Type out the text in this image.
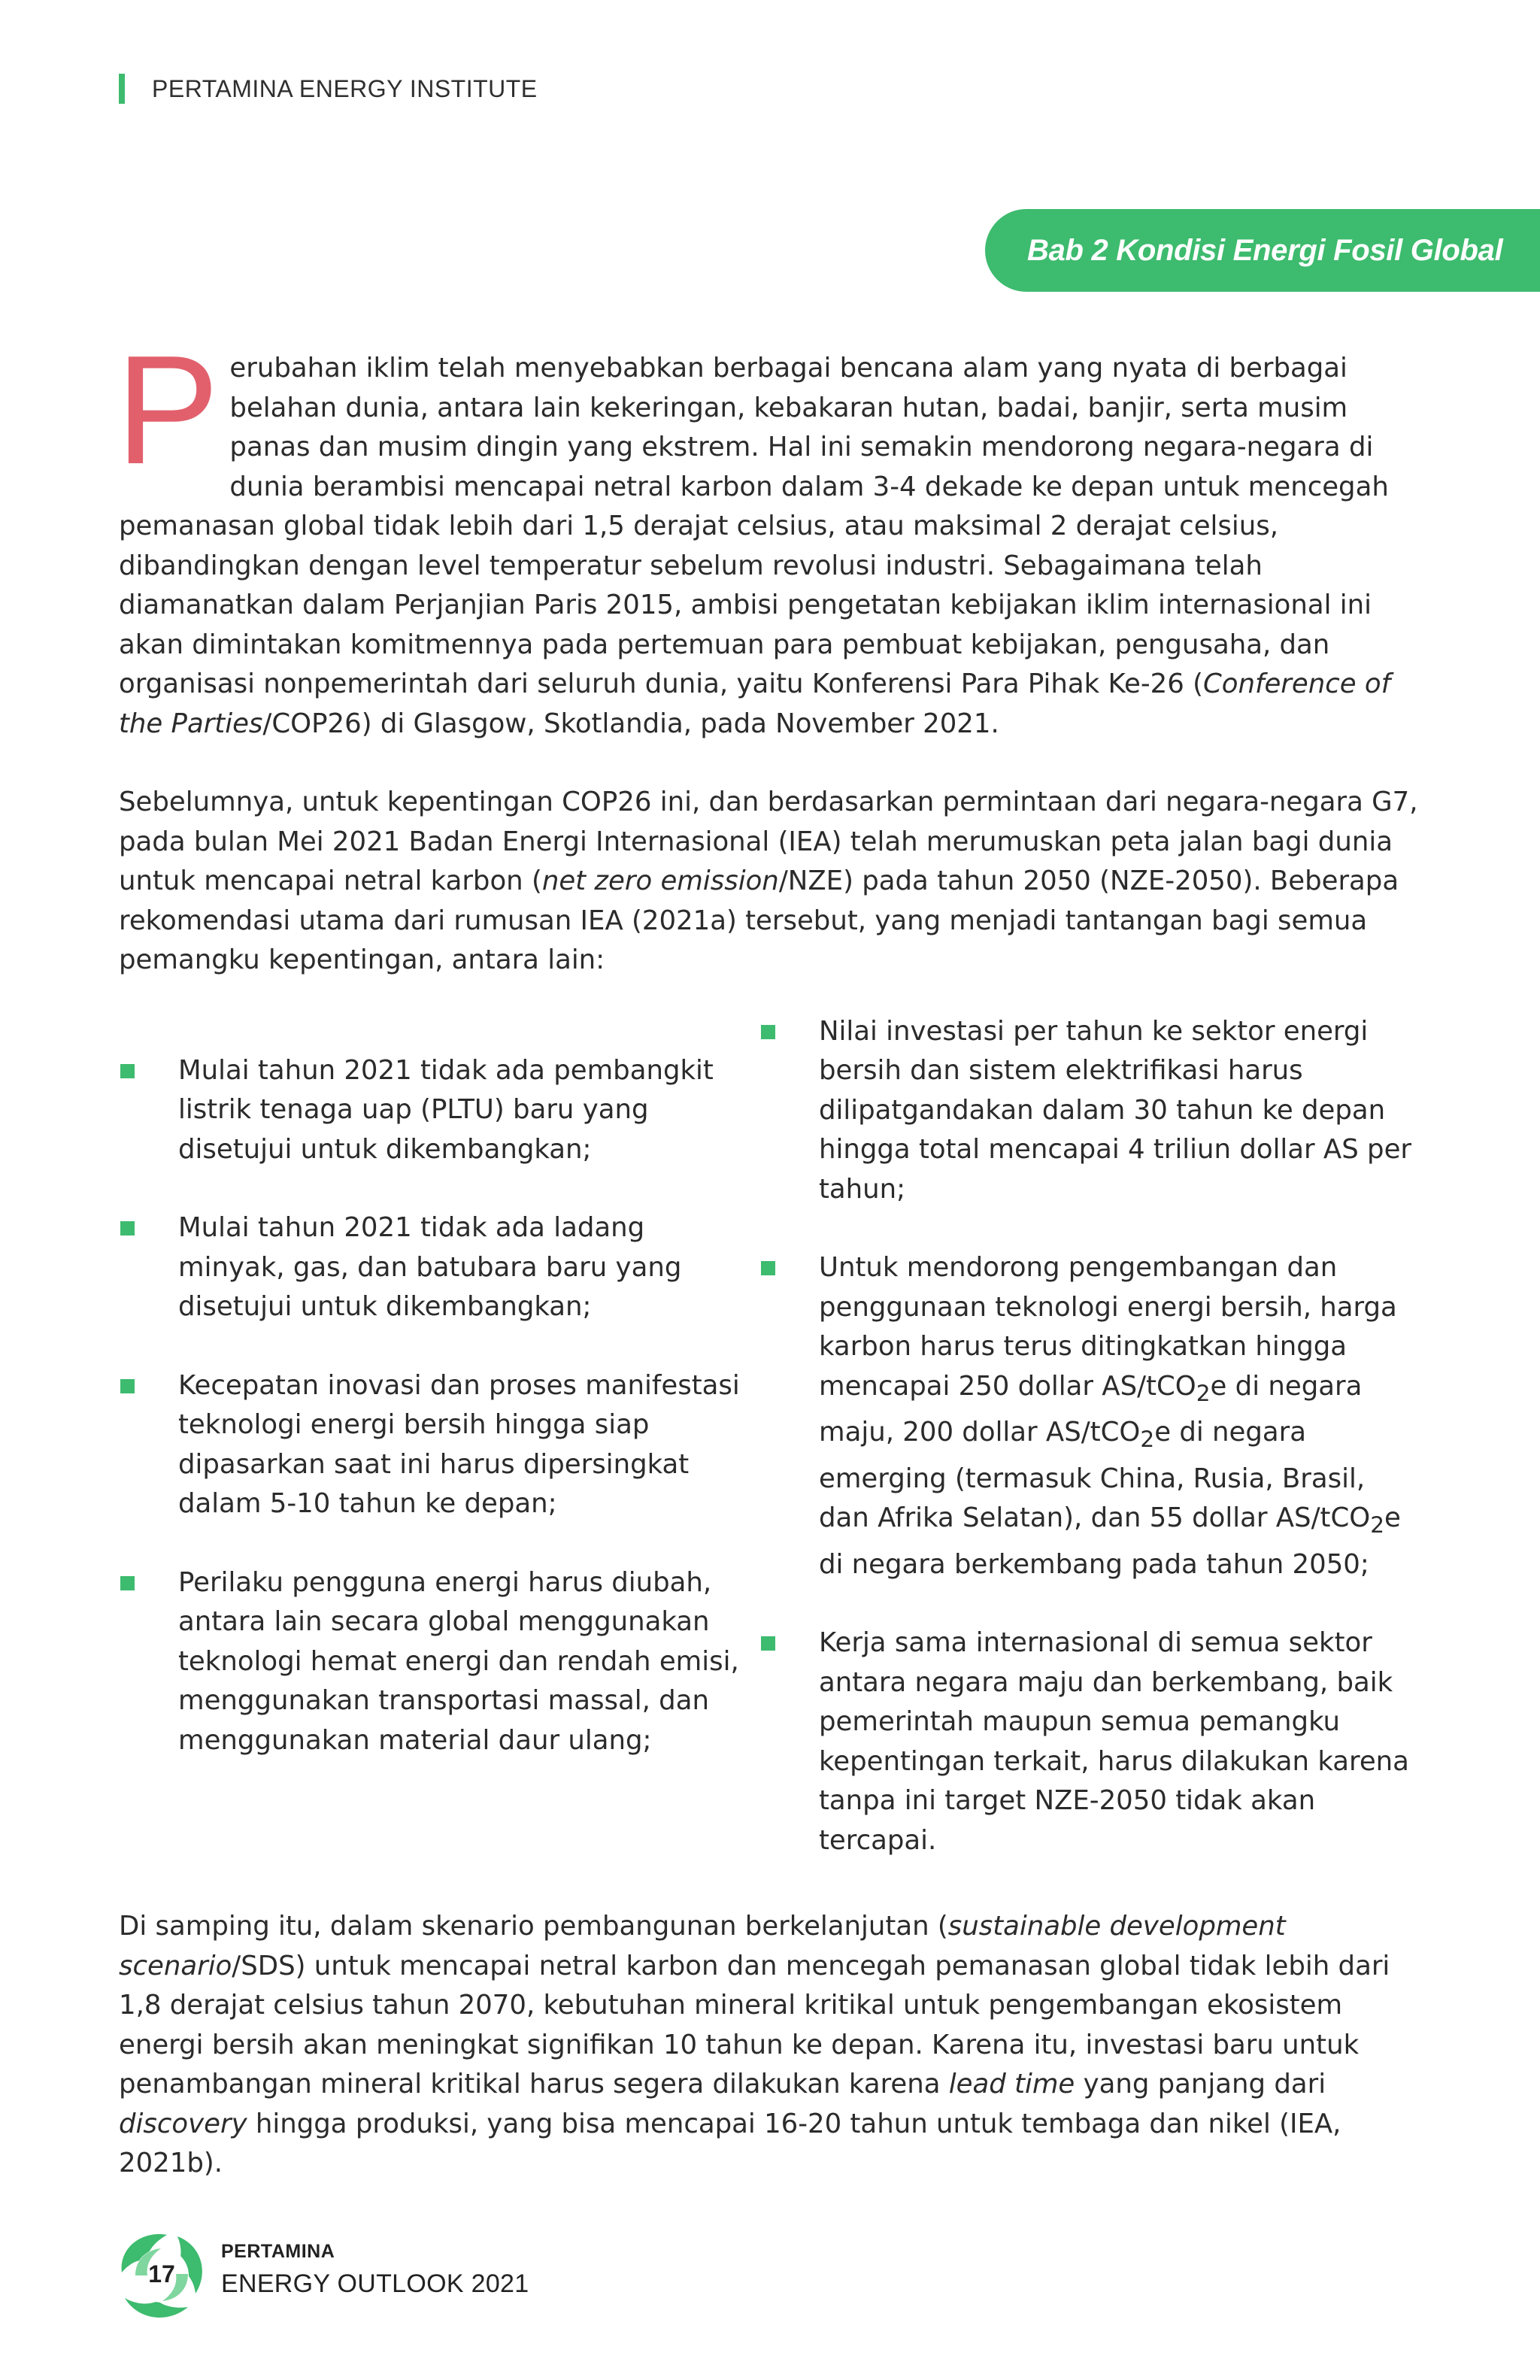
PERTAMINA ENERGY INSTITUTE
Bab 2 Kondisi Energi Fosil Global

Perubahan iklim telah menyebabkan berbagai bencana alam yang nyata di berbagai belahan dunia, antara lain kekeringan, kebakaran hutan, badai, banjir, serta musim panas dan musim dingin yang ekstrem. Hal ini semakin mendorong negara-negara di dunia berambisi mencapai netral karbon dalam 3-4 dekade ke depan untuk mencegah pemanasan global tidak lebih dari 1,5 derajat celsius, atau maksimal 2 derajat celsius, dibandingkan dengan level temperatur sebelum revolusi industri. Sebagaimana telah diamanatkan dalam Perjanjian Paris 2015, ambisi pengetatan kebijakan iklim internasional ini akan dimintakan komitmennya pada pertemuan para pembuat kebijakan, pengusaha, dan organisasi nonpemerintah dari seluruh dunia, yaitu Konferensi Para Pihak Ke-26 (Conference of the Parties/COP26) di Glasgow, Skotlandia, pada November 2021.

Sebelumnya, untuk kepentingan COP26 ini, dan berdasarkan permintaan dari negara-negara G7, pada bulan Mei 2021 Badan Energi Internasional (IEA) telah merumuskan peta jalan bagi dunia untuk mencapai netral karbon (net zero emission/NZE) pada tahun 2050 (NZE-2050). Beberapa rekomendasi utama dari rumusan IEA (2021a) tersebut, yang menjadi tantangan bagi semua pemangku kepentingan, antara lain:

Mulai tahun 2021 tidak ada pembangkit listrik tenaga uap (PLTU) baru yang disetujui untuk dikembangkan;
Mulai tahun 2021 tidak ada ladang minyak, gas, dan batubara baru yang disetujui untuk dikembangkan;
Kecepatan inovasi dan proses manifestasi teknologi energi bersih hingga siap dipasarkan saat ini harus dipersingkat dalam 5-10 tahun ke depan;
Perilaku pengguna energi harus diubah, antara lain secara global menggunakan teknologi hemat energi dan rendah emisi, menggunakan transportasi massal, dan menggunakan material daur ulang;
Nilai investasi per tahun ke sektor energi bersih dan sistem elektrifikasi harus dilipatgandakan dalam 30 tahun ke depan hingga total mencapai 4 triliun dollar AS per tahun;
Untuk mendorong pengembangan dan penggunaan teknologi energi bersih, harga karbon harus terus ditingkatkan hingga mencapai 250 dollar AS/tCO$_2$e di negara maju, 200 dollar AS/tCO$_2$e di negara emerging (termasuk China, Rusia, Brasil, dan Afrika Selatan), dan 55 dollar AS/tCO$_2$e di negara berkembang pada tahun 2050;
Kerja sama internasional di semua sektor antara negara maju dan berkembang, baik pemerintah maupun semua pemangku kepentingan terkait, harus dilakukan karena tanpa ini target NZE-2050 tidak akan tercapai.

Di samping itu, dalam skenario pembangunan berkelanjutan (sustainable development scenario/SDS) untuk mencapai netral karbon dan mencegah pemanasan global tidak lebih dari 1,8 derajat celsius tahun 2070, kebutuhan mineral kritikal untuk pengembangan ekosistem energi bersih akan meningkat signifikan 10 tahun ke depan. Karena itu, investasi baru untuk penambangan mineral kritikal harus segera dilakukan karena lead time yang panjang dari discovery hingga produksi, yang bisa mencapai 16-20 tahun untuk tembaga dan nikel (IEA, 2021b).

17
PERTAMINA
ENERGY OUTLOOK 2021
